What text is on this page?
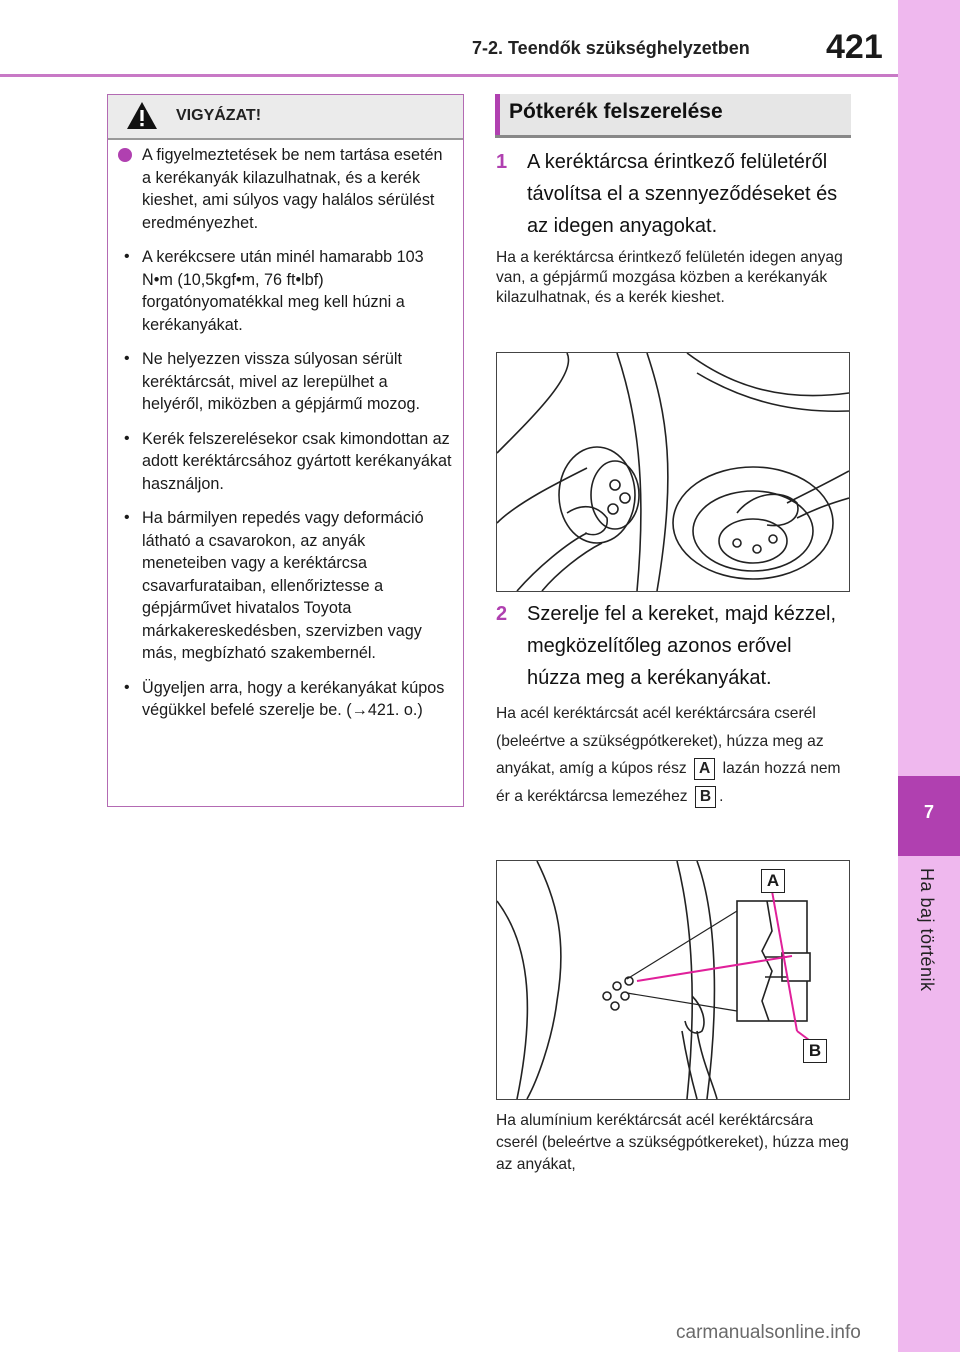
7-2. Teendők szükséghelyzetben 421
7
Ha baj történik
VIGYÁZAT!

A figyelmeztetések be nem tartása esetén a kerékanyák kilazulhatnak, és a kerék kieshet, ami súlyos vagy halálos sérülést eredményezhet.

• A kerékcsere után minél hamarabb 103 N•m (10,5kgf•m, 76 ft•lbf) forgatónyomatékkal meg kell húzni a kerékanyákat.

• Ne helyezzen vissza súlyosan sérült keréktárcsát, mivel az lerepülhet a helyéről, miközben a gépjármű mozog.

• Kerék felszerelésekor csak kimondottan az adott keréktárcsához gyártott kerékanyákat használjon.

• Ha bármilyen repedés vagy deformáció látható a csavarokon, az anyák meneteiben vagy a keréktárcsa csavarfurataiban, ellenőriztesse a gépjárművet hivatalos Toyota márkakereskedésben, szervizben vagy más, megbízható szakembernél.

• Ügyeljen arra, hogy a kerékanyákat kúpos végükkel befelé szerelje be. (→421. o.)

Pótkerék felszerelése
1 A keréktárcsa érintkező felületéről távolítsa el a szennyeződéseket és az idegen anyagokat.
Ha a keréktárcsa érintkező felületén idegen anyag van, a gépjármű mozgása közben a kerékanyák kilazulhatnak, és a kerék kieshet.
2 Szerelje fel a kereket, majd kézzel, megközelítőleg azonos erővel húzza meg a kerékanyákat.
Ha acél keréktárcsát acél keréktárcsára cserél (beleértve a szükségpótkereket), húzza meg az anyákat, amíg a kúpos rész A lazán hozzá nem ér a keréktárcsa lemezéhez B .
A
B
Ha alumínium keréktárcsát acél keréktárcsára cserél (beleértve a szükségpótkereket), húzza meg az anyákat,
carmanualsonline.info
